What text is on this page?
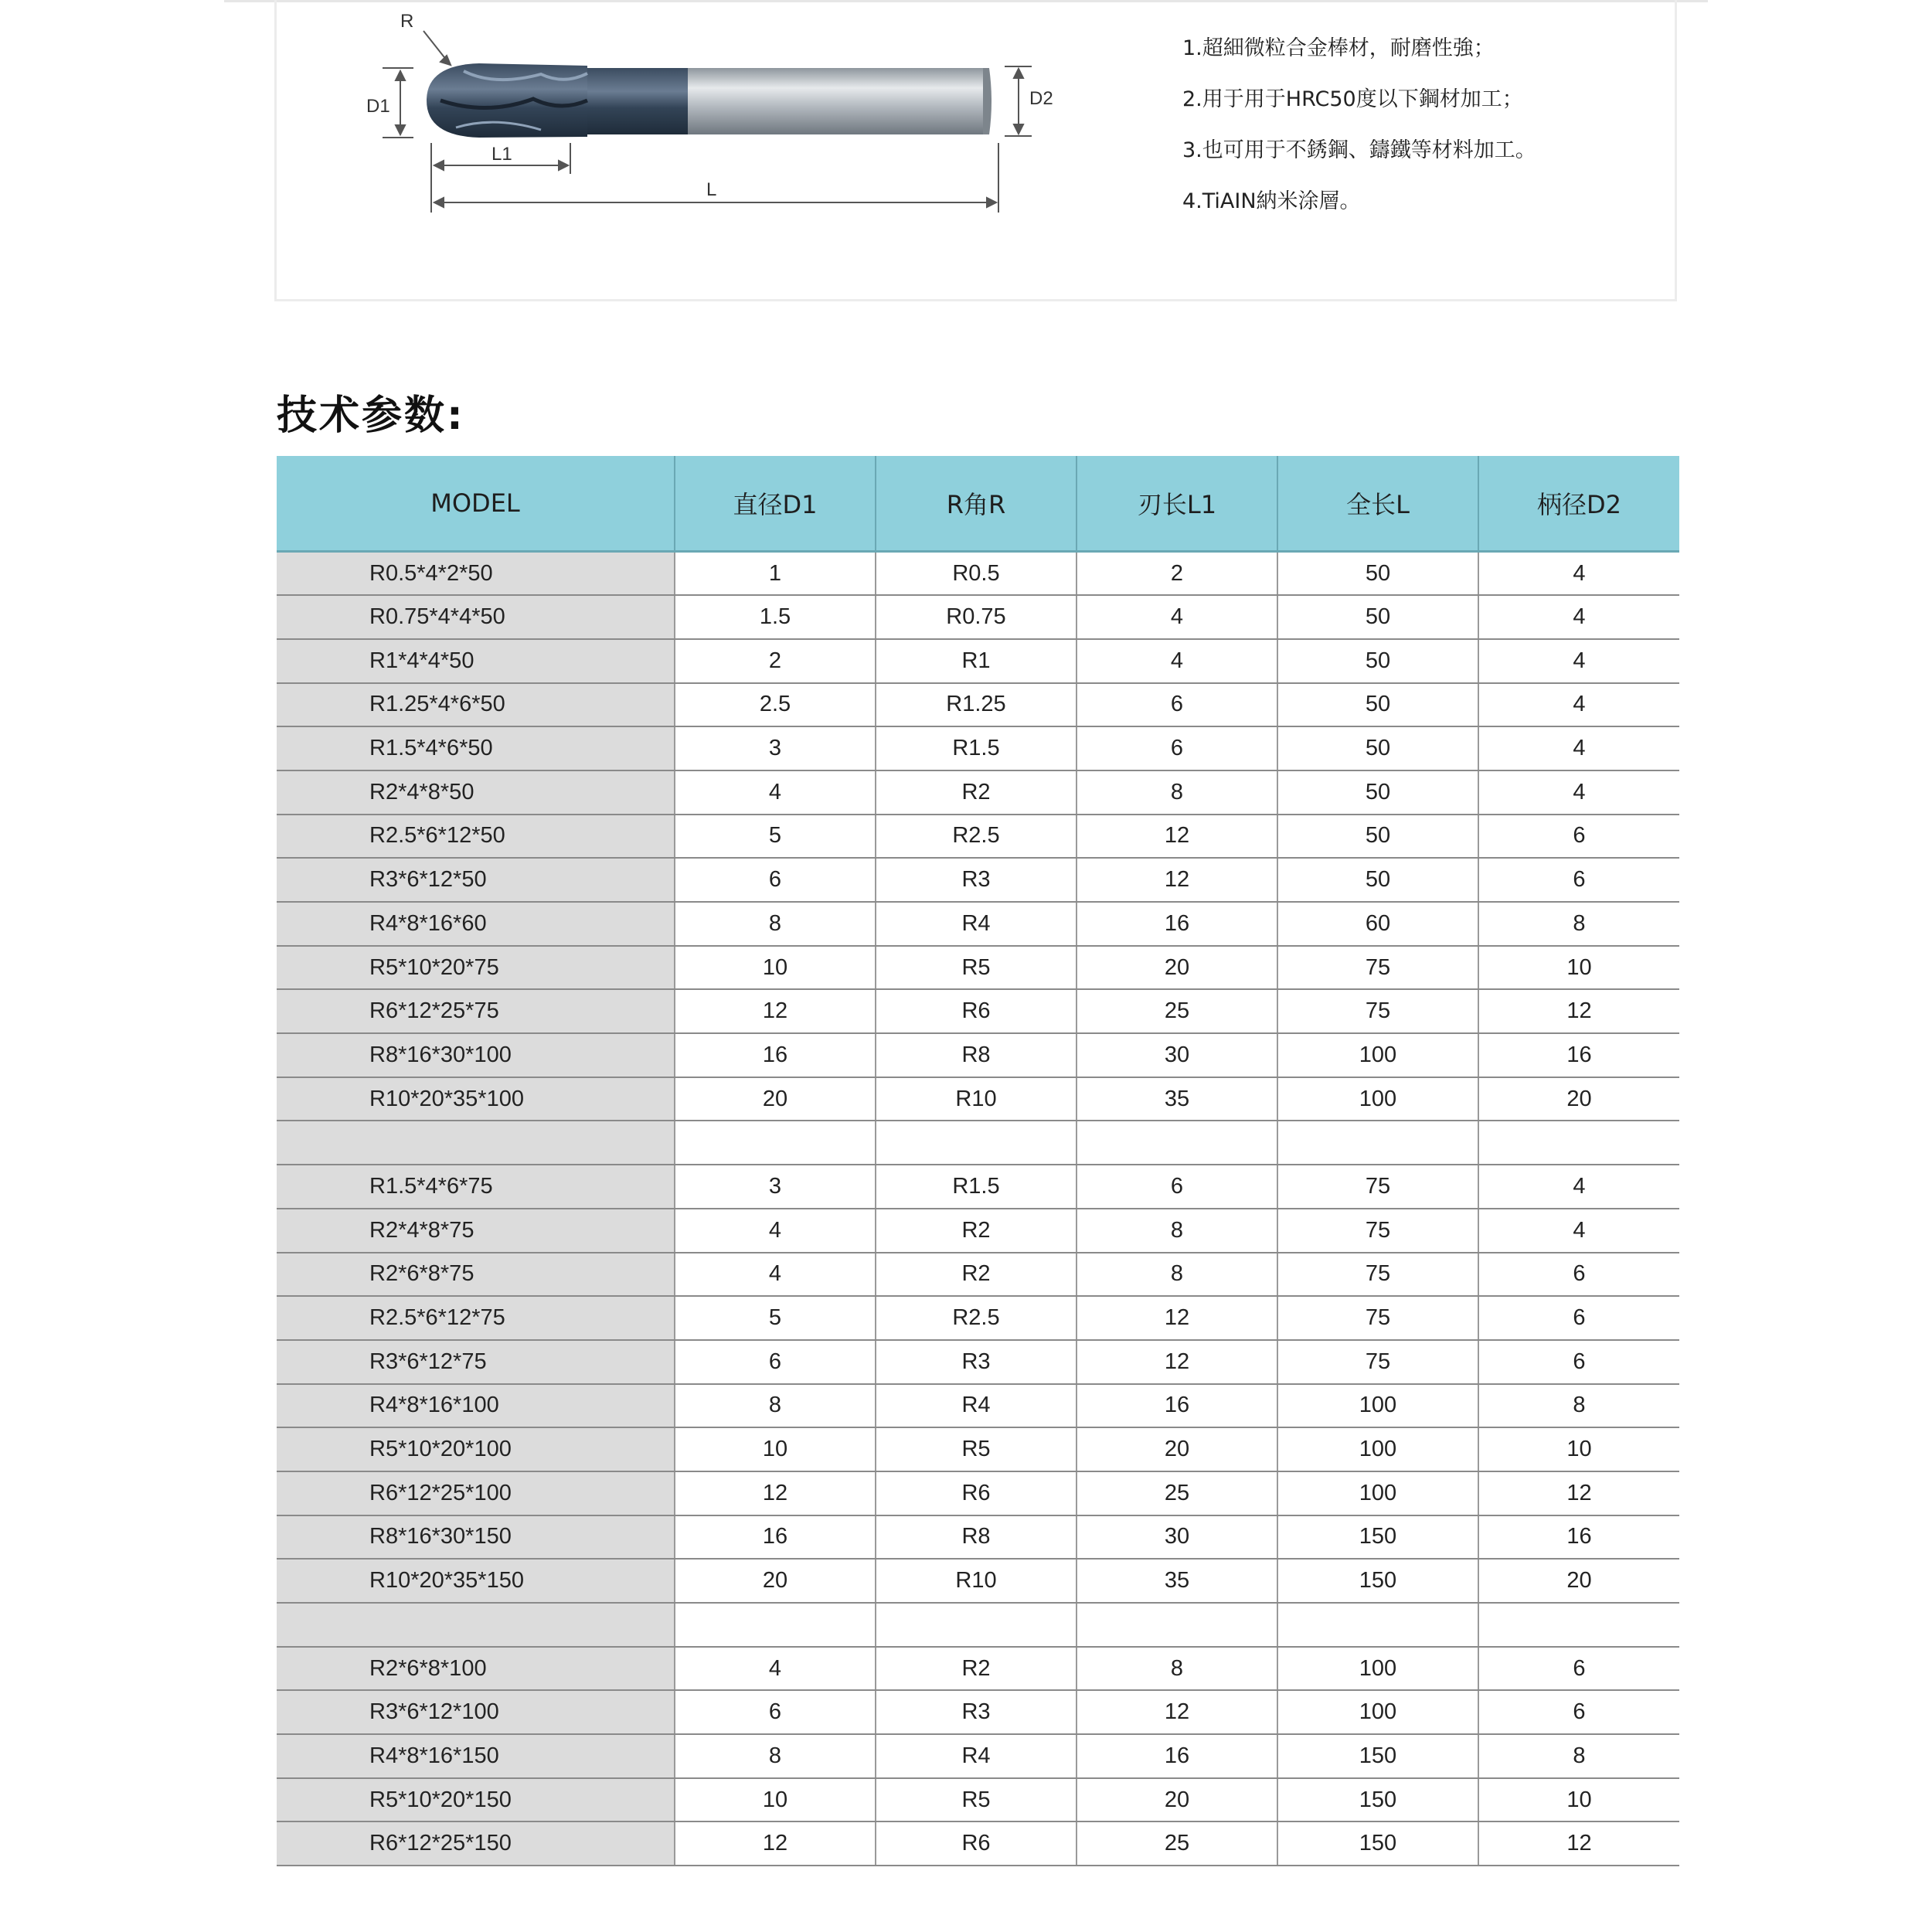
R
D1	D2
L1
L
1.超細微粒合金棒材，耐磨性強；
2.用于用于HRC50度以下鋼材加工；
3.也可用于不銹鋼、鑄鐵等材料加工。
4.TiAIN納米涂層。
技术参数:
MODEL	直径D1	R角R	刃长L1	全长L	柄径D2
R0.5*4*2*50	1	R0.5	2	50	4
R0.75*4*4*50	1.5	R0.75	4	50	4
R1*4*4*50	2	R1	4	50	4
R1.25*4*6*50	2.5	R1.25	6	50	4
R1.5*4*6*50	3	R1.5	6	50	4
R2*4*8*50	4	R2	8	50	4
R2.5*6*12*50	5	R2.5	12	50	6
R3*6*12*50	6	R3	12	50	6
R4*8*16*60	8	R4	16	60	8
R5*10*20*75	10	R5	20	75	10
R6*12*25*75	12	R6	25	75	12
R8*16*30*100	16	R8	30	100	16
R10*20*35*100	20	R10	35	100	20

R1.5*4*6*75	3	R1.5	6	75	4
R2*4*8*75	4	R2	8	75	4
R2*6*8*75	4	R2	8	75	6
R2.5*6*12*75	5	R2.5	12	75	6
R3*6*12*75	6	R3	12	75	6
R4*8*16*100	8	R4	16	100	8
R5*10*20*100	10	R5	20	100	10
R6*12*25*100	12	R6	25	100	12
R8*16*30*150	16	R8	30	150	16
R10*20*35*150	20	R10	35	150	20

R2*6*8*100	4	R2	8	100	6
R3*6*12*100	6	R3	12	100	6
R4*8*16*150	8	R4	16	150	8
R5*10*20*150	10	R5	20	150	10
R6*12*25*150	12	R6	25	150	12
